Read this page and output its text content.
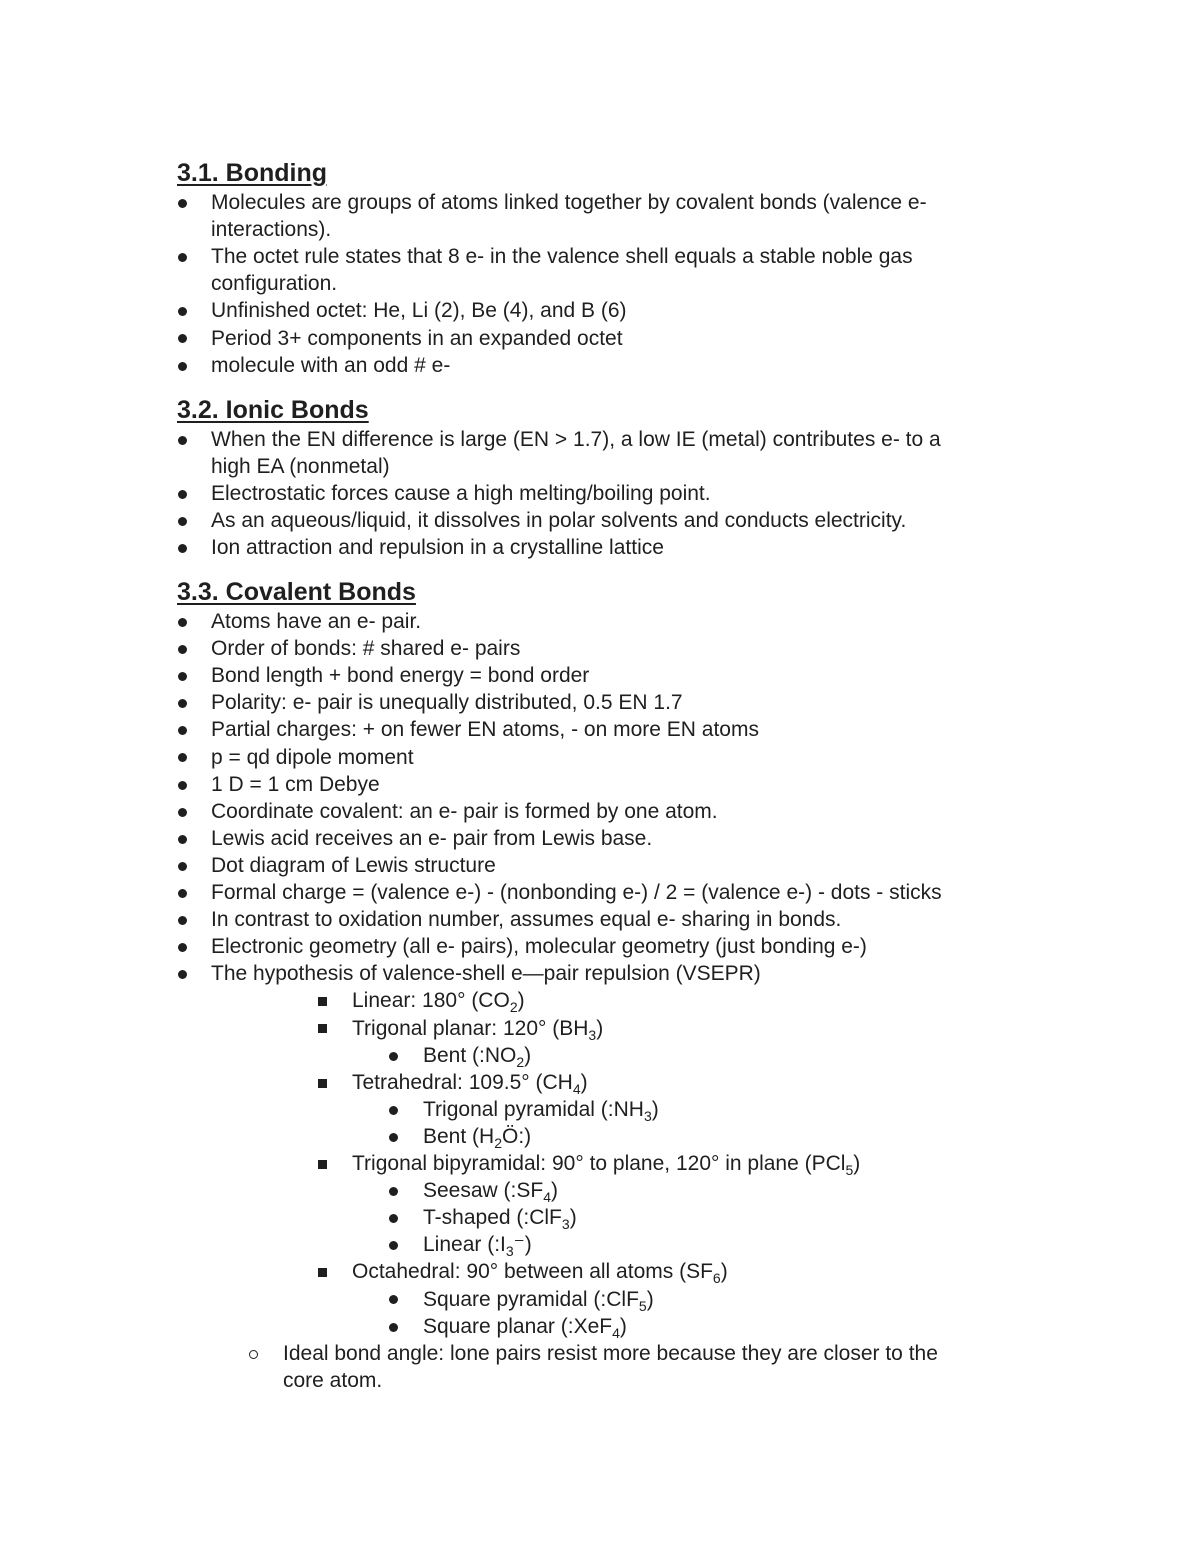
3.1. Bonding
Molecules are groups of atoms linked together by covalent bonds (valence e-
interactions).
The octet rule states that 8 e- in the valence shell equals a stable noble gas
configuration.
Unfinished octet: He, Li (2), Be (4), and B (6)
Period 3+ components in an expanded octet
molecule with an odd # e-
3.2. Ionic Bonds
When the EN difference is large (EN > 1.7), a low IE (metal) contributes e- to a
high EA (nonmetal)
Electrostatic forces cause a high melting/boiling point.
As an aqueous/liquid, it dissolves in polar solvents and conducts electricity.
Ion attraction and repulsion in a crystalline lattice
3.3. Covalent Bonds
Atoms have an e- pair.
Order of bonds: # shared e- pairs
Bond length + bond energy = bond order
Polarity: e- pair is unequally distributed, 0.5 EN 1.7
Partial charges: + on fewer EN atoms, - on more EN atoms
p = qd dipole moment
1 D = 1 cm Debye
Coordinate covalent: an e- pair is formed by one atom.
Lewis acid receives an e- pair from Lewis base.
Dot diagram of Lewis structure
Formal charge = (valence e-) - (nonbonding e-) / 2 = (valence e-) - dots - sticks
In contrast to oxidation number, assumes equal e- sharing in bonds.
Electronic geometry (all e- pairs), molecular geometry (just bonding e-)
The hypothesis of valence-shell e—pair repulsion (VSEPR)
Linear: 180° $(CO_2)$
Trigonal planar: 120° $(BH_3)$
Bent $(:NO_2)$
Tetrahedral: 109.5° $(CH_4)$
Trigonal pyramidal $(:NH_3)$
Bent $(H_2Ö:)$
Trigonal bipyramidal: 90° to plane, 120° in plane (PCl$_5$)
Seesaw $(:SF_4)$
T-shaped (:ClF$_3$)
Linear $(:I_3^-)$
Octahedral: 90° between all atoms $(SF_6)$
Square pyramidal (:ClF$_5$)
Square planar (:XeF$_4$)
Ideal bond angle: lone pairs resist more because they are closer to the
core atom.
